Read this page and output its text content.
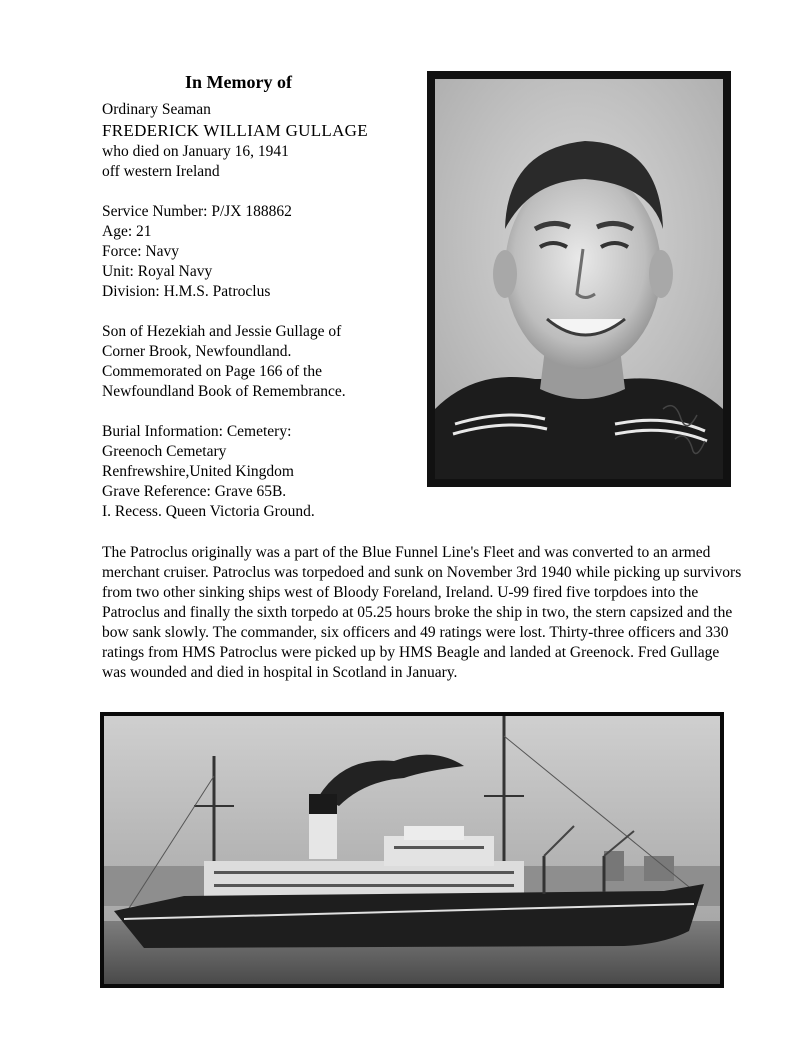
In Memory of
Ordinary Seaman
FREDERICK WILLIAM GULLAGE
who died on January 16, 1941
off western Ireland
Service Number: P/JX 188862
Age: 21
Force: Navy
Unit: Royal Navy
Division: H.M.S. Patroclus
Son of Hezekiah and Jessie Gullage of
Corner Brook, Newfoundland.
Commemorated on Page 166 of the
Newfoundland Book of Remembrance.
Burial Information: Cemetery:
Greenoch Cemetary
Renfrewshire,United Kingdom
Grave Reference: Grave 65B.
I. Recess. Queen Victoria Ground.

The Patroclus originally was a part of the Blue Funnel Line's Fleet and was converted to an armed merchant cruiser. Patroclus was torpedoed and sunk on November 3rd 1940 while picking up survivors from two other sinking ships west of Bloody Foreland, Ireland. U-99 fired five torpdoes into the Patroclus and finally the sixth torpedo at 05.25 hours broke the ship in two, the stern capsized and the bow sank slowly. The commander, six officers and 49 ratings were lost. Thirty-three officers and 330 ratings from HMS Patroclus were picked up by HMS Beagle and landed at Greenock. Fred Gullage was wounded and died in hospital in Scotland in January.
